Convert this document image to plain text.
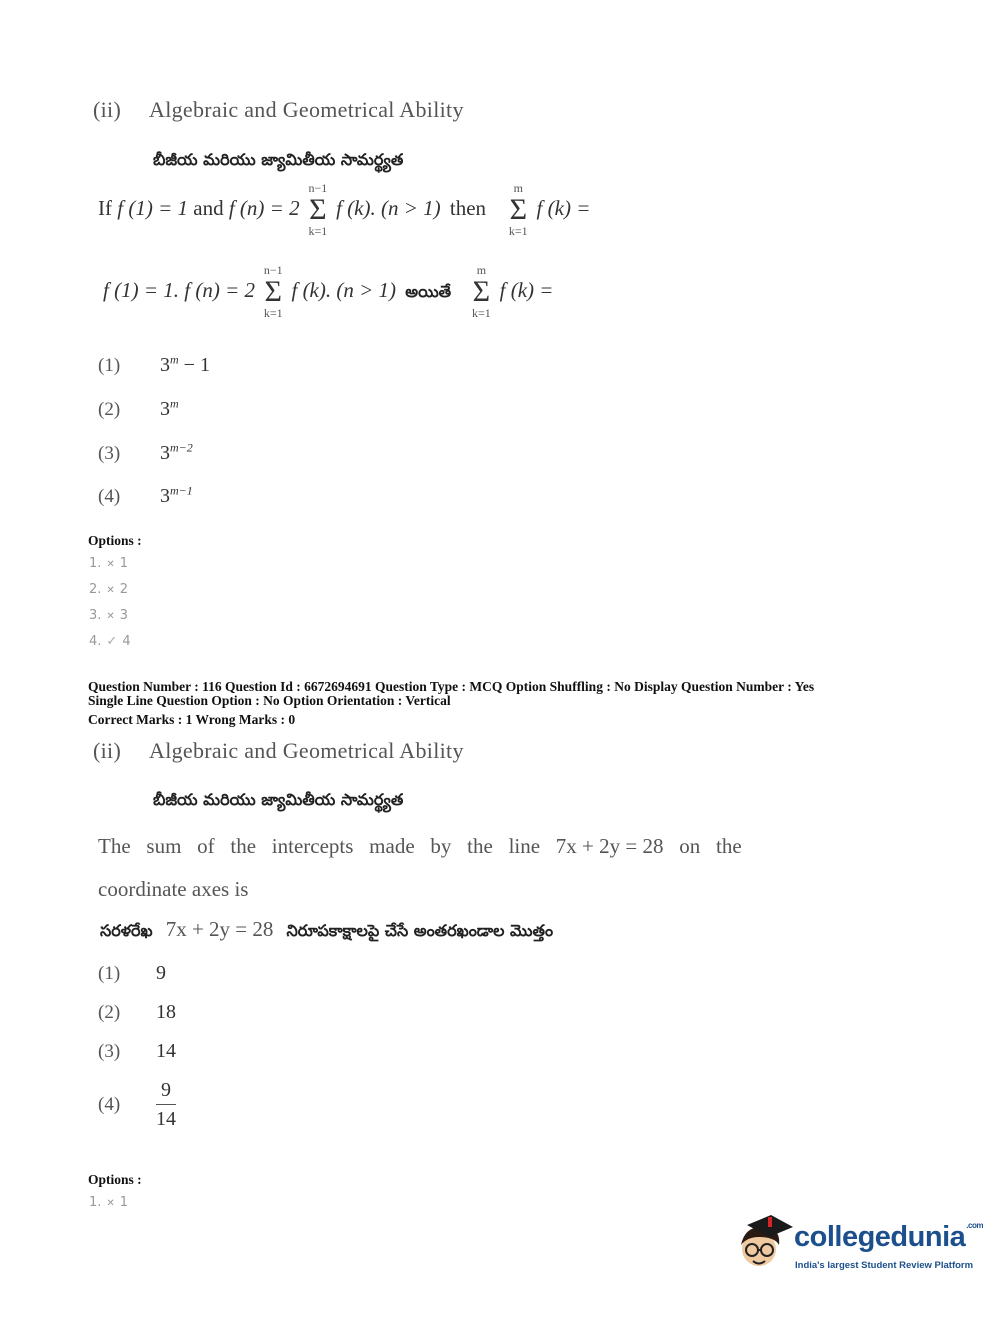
(ii) Algebraic and Geometrical Ability
బీజీయ మరియు జ్యామితీయ సామర్థ్యత
If f (1) = 1 and f (n) = 2
n−1
Σ
k=1
f (k). (n > 1) then
m
Σ
k=1
f (k) =
f (1) = 1. f (n) = 2
n−1
Σ
k=1
f (k). (n > 1) అయితే
m
Σ
k=1
f (k) =
(1) $3^m - 1$
(2) 3$^m$
(3) $3^{m-2}$
(4) $3^{m-1}$
Options :
1. ✕ 1
2. ✕ 2
3. ✕ 3
4. ✓ 4
Question Number : 116 Question Id : 6672694691 Question Type : MCQ Option Shuffling : No Display Question Number : Yes
Single Line Question Option : No Option Orientation : Vertical
Correct Marks : 1 Wrong Marks : 0
(ii) Algebraic and Geometrical Ability
బీజీయ మరియు జ్యామితీయ సామర్థ్యత
The   sum   of   the   intercepts   made   by   the   line   7x + 2y = 28   on   the
coordinate axes is
సరళరేఖ 7x + 2y = 28 నిరూపకాక్షాలపై చేసే అంతరఖండాల మొత్తం
(1) 9
(2) 18
(3) 14
$(4) \frac{9}{14}$
Options :
1. ✕ 1
collegedunia$^{.com}$
India's largest Student Review Platform
